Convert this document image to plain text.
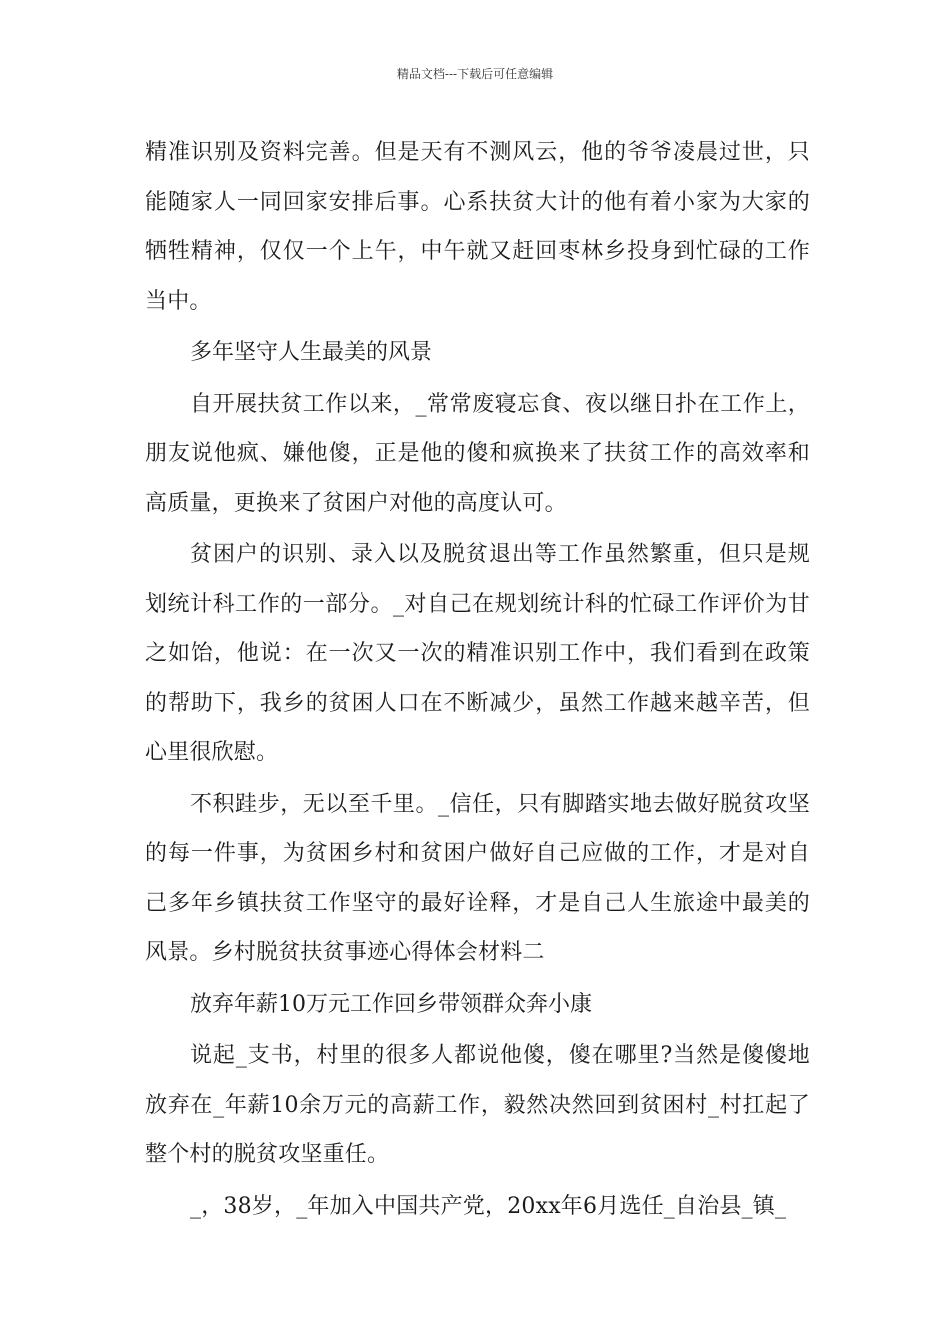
精品文档---下载后可任意编辑

精准识别及资料完善。但是天有不测风云，他的爷爷凌晨过世，只能随家人一同回家安排后事。心系扶贫大计的他有着小家为大家的牺牲精神，仅仅一个上午，中午就又赶回枣林乡投身到忙碌的工作当中。

多年坚守人生最美的风景

自开展扶贫工作以来，_常常废寝忘食、夜以继日扑在工作上，朋友说他疯、嫌他傻，正是他的傻和疯换来了扶贫工作的高效率和高质量，更换来了贫困户对他的高度认可。

贫困户的识别、录入以及脱贫退出等工作虽然繁重，但只是规划统计科工作的一部分。_对自己在规划统计科的忙碌工作评价为甘之如饴，他说：在一次又一次的精准识别工作中，我们看到在政策的帮助下，我乡的贫困人口在不断减少，虽然工作越来越辛苦，但心里很欣慰。

不积跬步，无以至千里。_信任，只有脚踏实地去做好脱贫攻坚的每一件事，为贫困乡村和贫困户做好自己应做的工作，才是对自己多年乡镇扶贫工作坚守的最好诠释，才是自己人生旅途中最美的风景。乡村脱贫扶贫事迹心得体会材料二

放弃年薪10万元工作回乡带领群众奔小康

说起_支书，村里的很多人都说他傻，傻在哪里?当然是傻傻地放弃在_年薪10余万元的高薪工作，毅然决然回到贫困村_村扛起了整个村的脱贫攻坚重任。

_，38岁，_年加入中国共产党，20xx年6月选任_自治县_镇_
